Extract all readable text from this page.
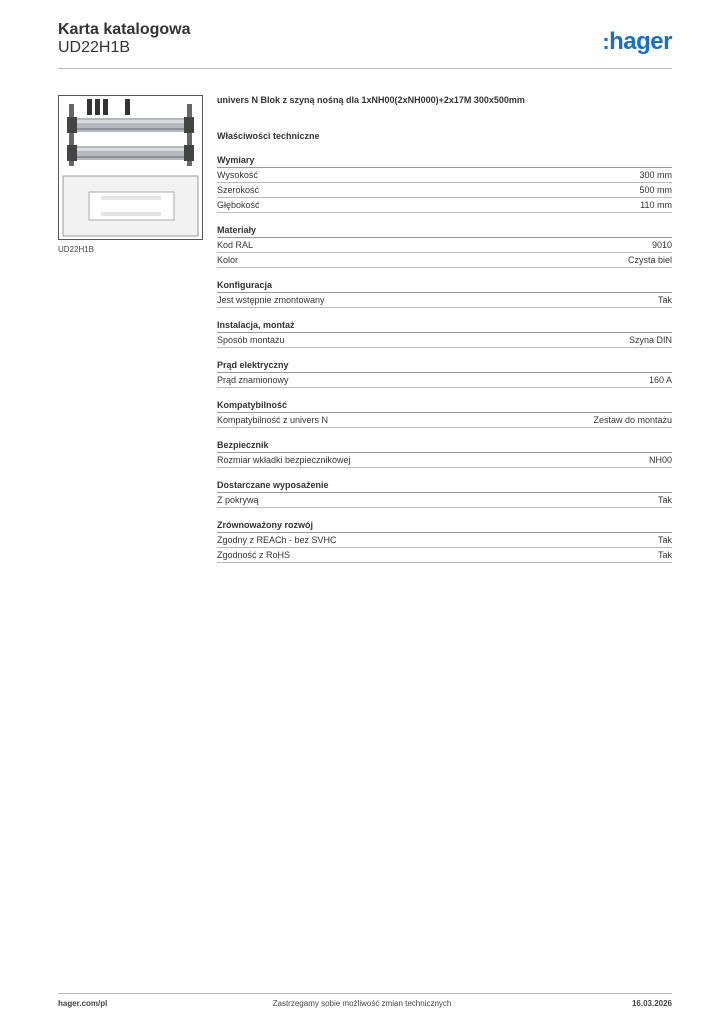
Karta katalogowa
UD22H1B	:hager
UD22H1B
univers N Blok z szyną nośną dla 1xNH00(2xNH000)+2x17M 300x500mm
Właściwości techniczne
Wymiary
Wysokość	300 mm
Szerokość	500 mm
Głębokość	110 mm
Materiały
Kod RAL	9010
Kolor	Czysta biel
Konfiguracja
Jest wstępnie zmontowany	Tak
Instalacja, montaż
Sposób montażu	Szyna DIN
Prąd elektryczny
Prąd znamionowy	160 A
Kompatybilność
Kompatybilność z univers N	Zestaw do montażu
Bezpiecznik
Rozmiar wkładki bezpiecznikowej	NH00
Dostarczane wyposażenie
Z pokrywą	Tak
Zrównoważony rozwój
Zgodny z REACh - bez SVHC	Tak
Zgodność z RoHS	Tak
hager.com/pl	Zastrzegamy sobie możliwość zmian technicznych	16.03.2026
